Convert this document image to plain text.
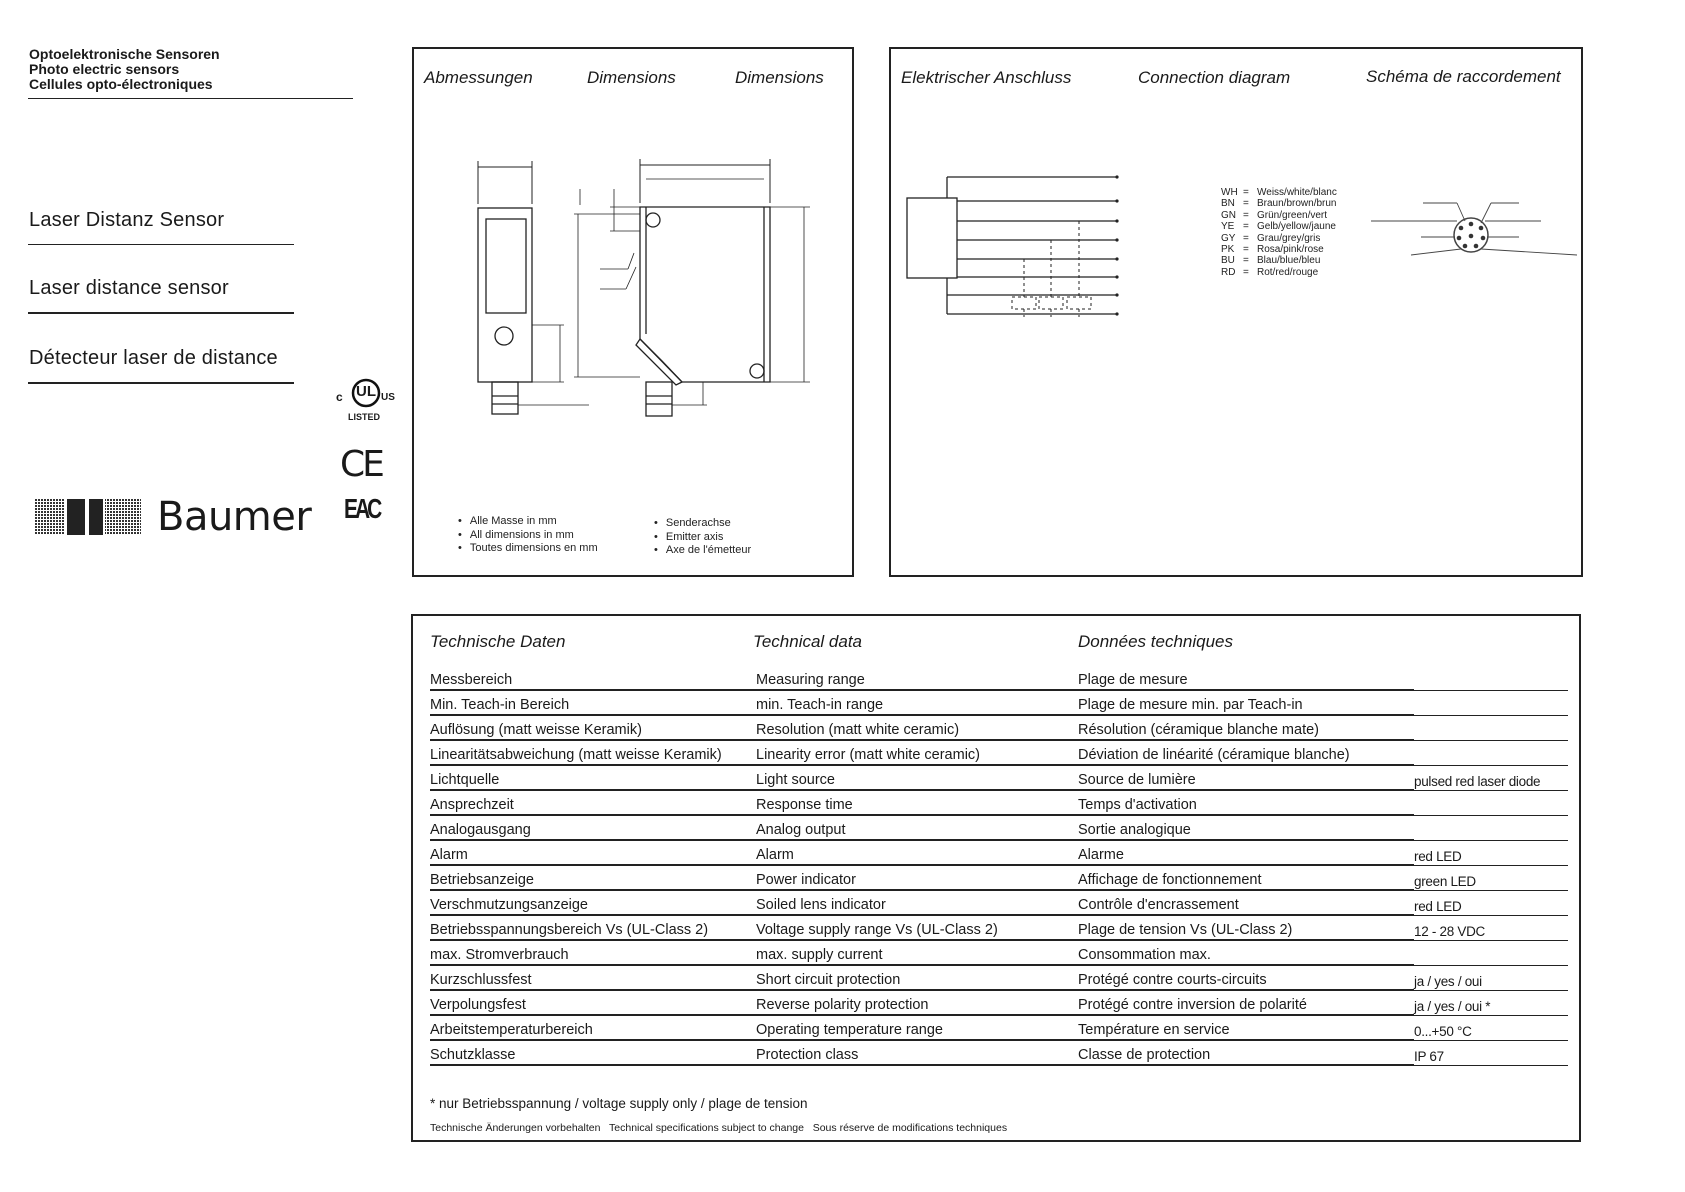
Optoelektronische Sensoren
Photo electric sensors
Cellules opto-électroniques
Laser Distanz Sensor
Laser distance sensor
Détecteur laser de distance
c UL US
LISTED
CE
EAC
Baumer
Abmessungen	Dimensions	Dimensions
• Alle Masse in mm
• All dimensions in mm
• Toutes dimensions en mm
• Senderachse
• Emitter axis
• Axe de l'émetteur
Elektrischer Anschluss	Connection diagram	Schéma de raccordement
WH = Weiss/white/blanc
BN = Braun/brown/brun
GN = Grün/green/vert
YE = Gelb/yellow/jaune
GY = Grau/grey/gris
PK = Rosa/pink/rose
BU = Blau/blue/bleu
RD = Rot/red/rouge
Technische Daten	Technical data	Données techniques
Messbereich	Measuring range	Plage de mesure	
Min. Teach-in Bereich	min. Teach-in range	Plage de mesure min. par Teach-in	
Auflösung (matt weisse Keramik)	Resolution (matt white ceramic)	Résolution (céramique blanche mate)	
Linearitätsabweichung (matt weisse Keramik)	Linearity error (matt white ceramic)	Déviation de linéarité (céramique blanche)	
Lichtquelle	Light source	Source de lumière	pulsed red laser diode
Ansprechzeit	Response time	Temps d'activation	
Analogausgang	Analog output	Sortie analogique	
Alarm	Alarm	Alarme	red LED
Betriebsanzeige	Power indicator	Affichage de fonctionnement	green LED
Verschmutzungsanzeige	Soiled lens indicator	Contrôle d'encrassement	red LED
Betriebsspannungsbereich Vs (UL-Class 2)	Voltage supply range Vs (UL-Class 2)	Plage de tension Vs (UL-Class 2)	12 - 28 VDC
max. Stromverbrauch	max. supply current	Consommation max.	
Kurzschlussfest	Short circuit protection	Protégé contre courts-circuits	ja / yes / oui
Verpolungsfest	Reverse polarity protection	Protégé contre inversion de polarité	ja / yes / oui *
Arbeitstemperaturbereich	Operating temperature range	Température en service	0...+50 °C
Schutzklasse	Protection class	Classe de protection	IP 67
* nur Betriebsspannung / voltage supply only / plage de tension
Technische Änderungen vorbehalten   Technical specifications subject to change   Sous réserve de modifications techniques
